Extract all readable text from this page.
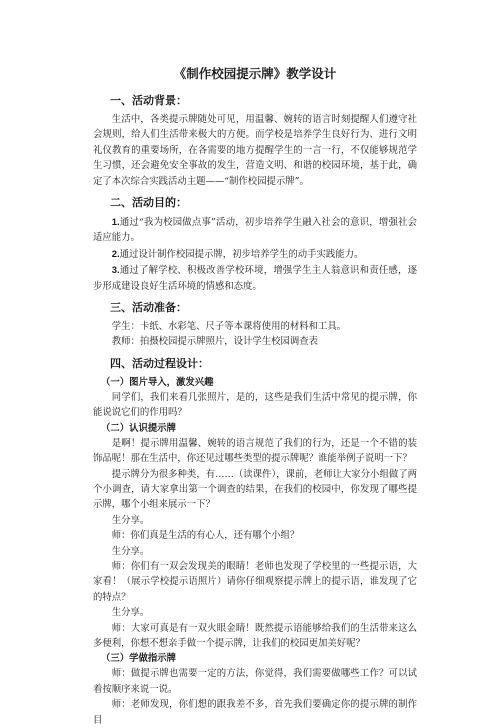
《制作校园提示牌》教学设计
一、活动背景：

生活中，各类提示牌随处可见，用温馨、婉转的语言时刻提醒人们遵守社会规则，给人们生活带来极大的方便。而学校是培养学生良好行为、进行文明礼仪教育的重要场所，在各需要的地方提醒学生的一言一行，不仅能够规范学生习惯，还会避免安全事故的发生，营造文明、和谐的校园环境，基于此，确定了本次综合实践活动主题——“制作校园提示牌”。

二、活动目的：

1.通过“我为校园做点事”活动，初步培养学生融入社会的意识，增强社会适应能力。

2.通过设计制作校园提示牌，初步培养学生的动手实践能力。

3.通过了解学校、积极改善学校环境，增强学生主人翁意识和责任感，逐步形成建设良好生活环境的情感和态度。

三、活动准备：

学生：卡纸、水彩笔、尺子等本课将使用的材料和工具。

教师：拍摄校园提示牌照片，设计学生校园调查表

四、活动过程设计：
（一）图片导入，激发兴趣

同学们，我们来看几张照片，是的，这些是我们生活中常见的提示牌，你能说说它们的作用吗？

（二）认识提示牌

是啊！提示牌用温馨、婉转的语言规范了我们的行为，还是一个不错的装饰品呢！那在生活中，你还见过哪些类型的提示牌呢？谁能举例子说明一下？

提示牌分为很多种类，有……（读课件），课前，老师让大家分小组做了两个小调查，请大家拿出第一个调查的结果，在我们的校园中，你发现了哪些提示牌，哪个小组来展示一下？

生分享。

师：你们真是生活的有心人，还有哪个小组？

生分享。

师：你们有一双会发现美的眼睛！老师也发现了学校里的一些提示语，大家看！（展示学校提示语照片）请你仔细观察提示牌上的提示语，谁发现了它的特点？

生分享。

师：大家可真是有一双火眼金睛！既然提示语能够给我们的生活带来这么多便利，你想不想亲手做一个提示牌，让我们的校园更加美好呢？

（三）学做指示牌

师：做提示牌也需要一定的方法，你觉得，我们需要做哪些工作？可以试着按顺序来说一说。

师：老师发现，你们想的跟我差不多，首先我们要确定你的提示牌的制作目
